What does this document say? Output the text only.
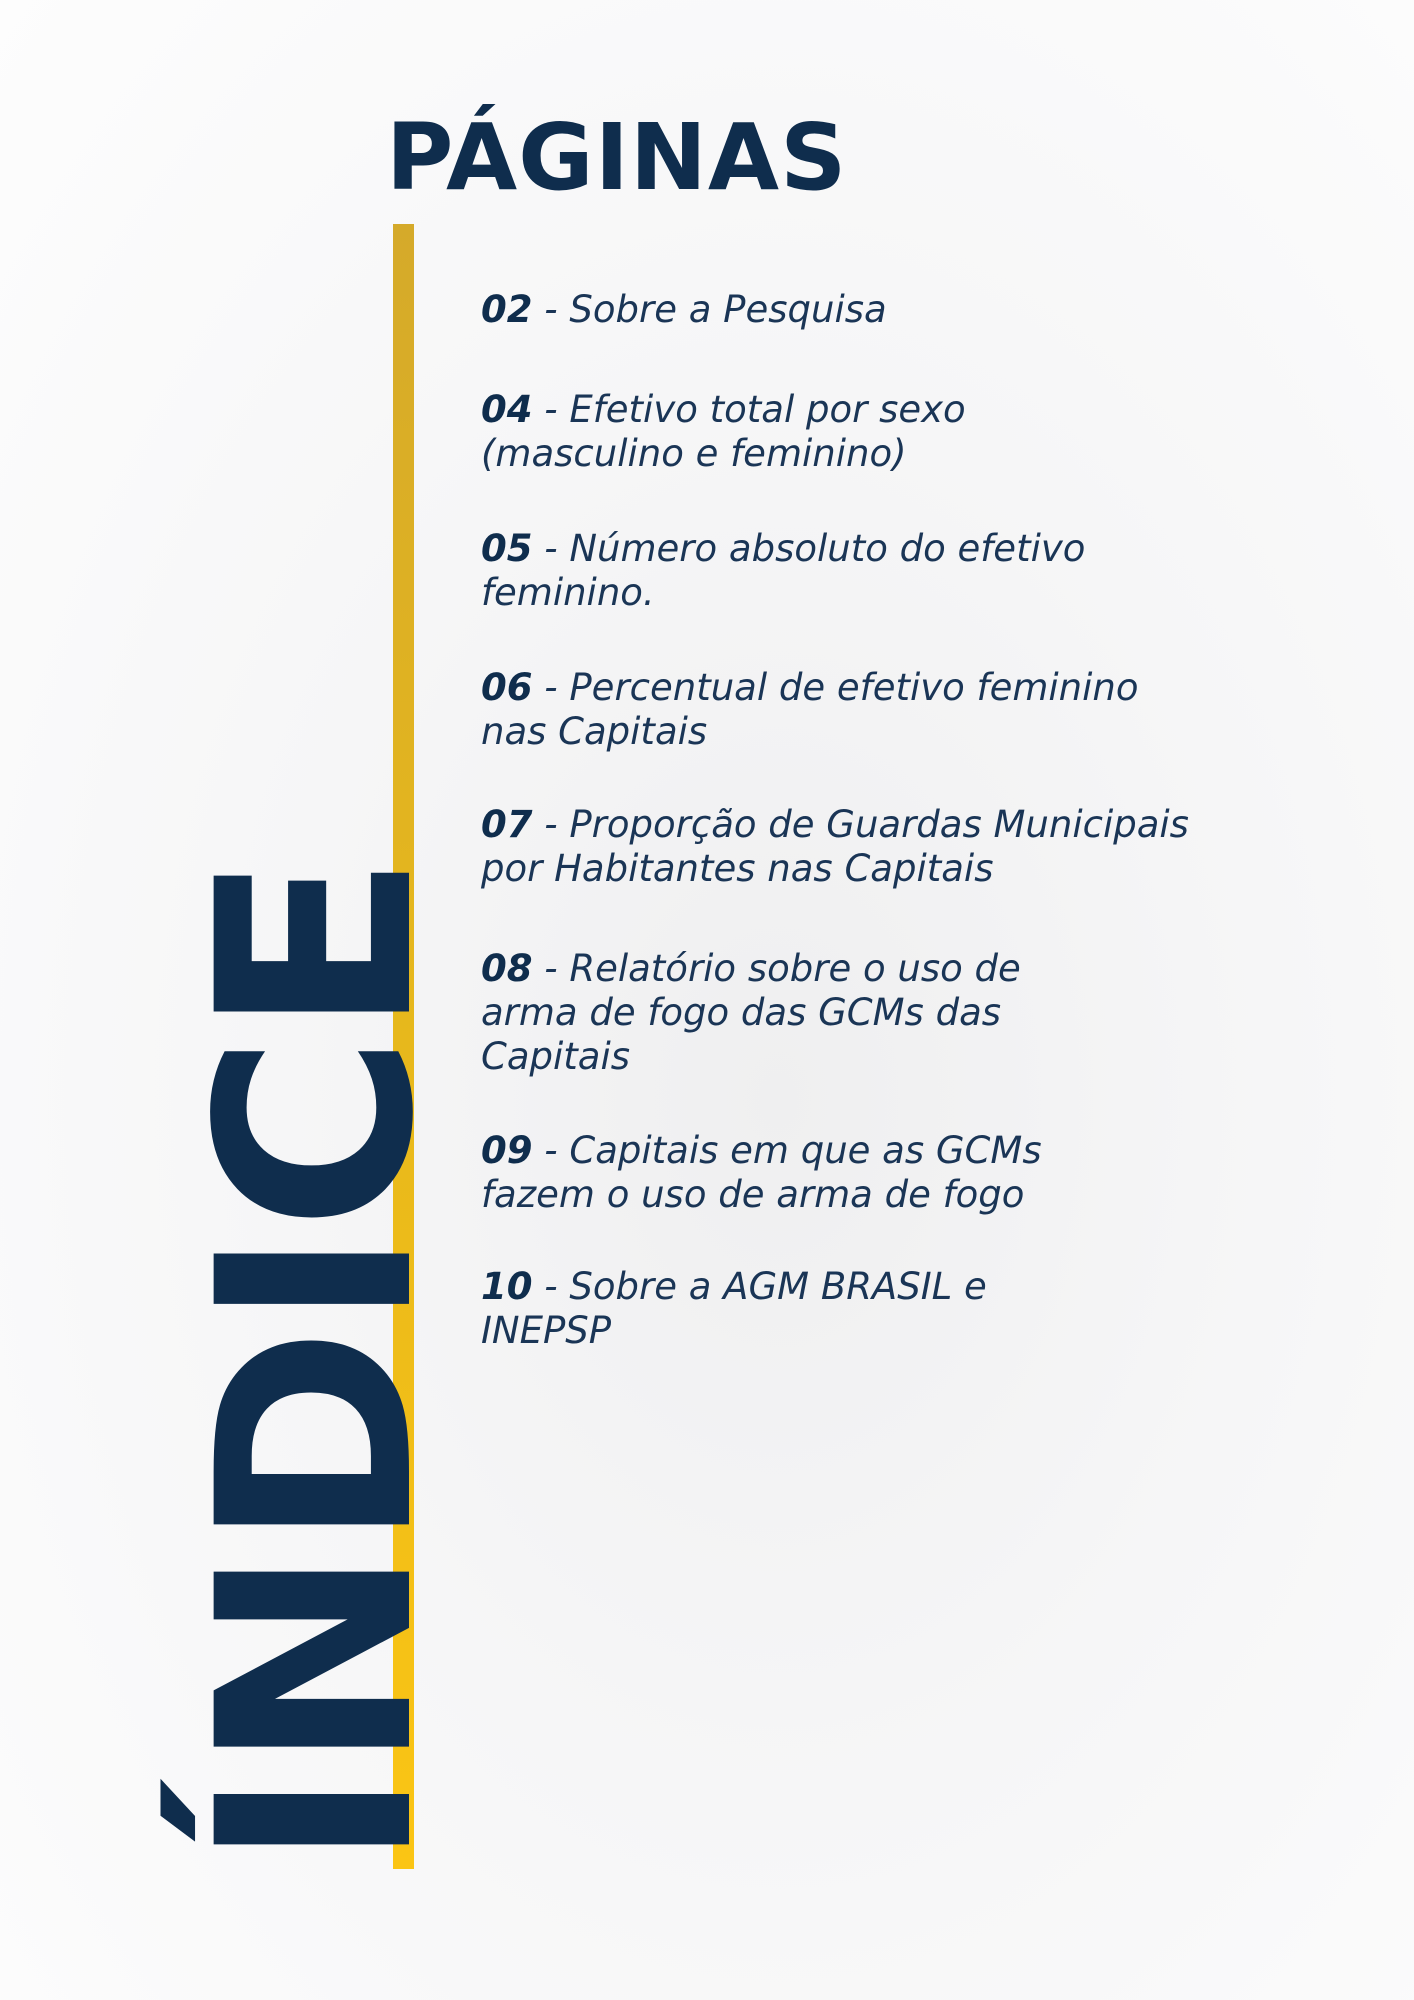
PÁGINAS
ÍNDICE
02 - Sobre a Pesquisa
04 - Efetivo total por sexo
(masculino e feminino)
05 - Número absoluto do efetivo
feminino.
06 - Percentual de efetivo feminino
nas Capitais
07 - Proporção de Guardas Municipais
por Habitantes nas Capitais
08 - Relatório sobre o uso de
arma de fogo das GCMs das
Capitais
09 - Capitais em que as GCMs
fazem o uso de arma de fogo
10 - Sobre a AGM BRASIL e
INEPSP
